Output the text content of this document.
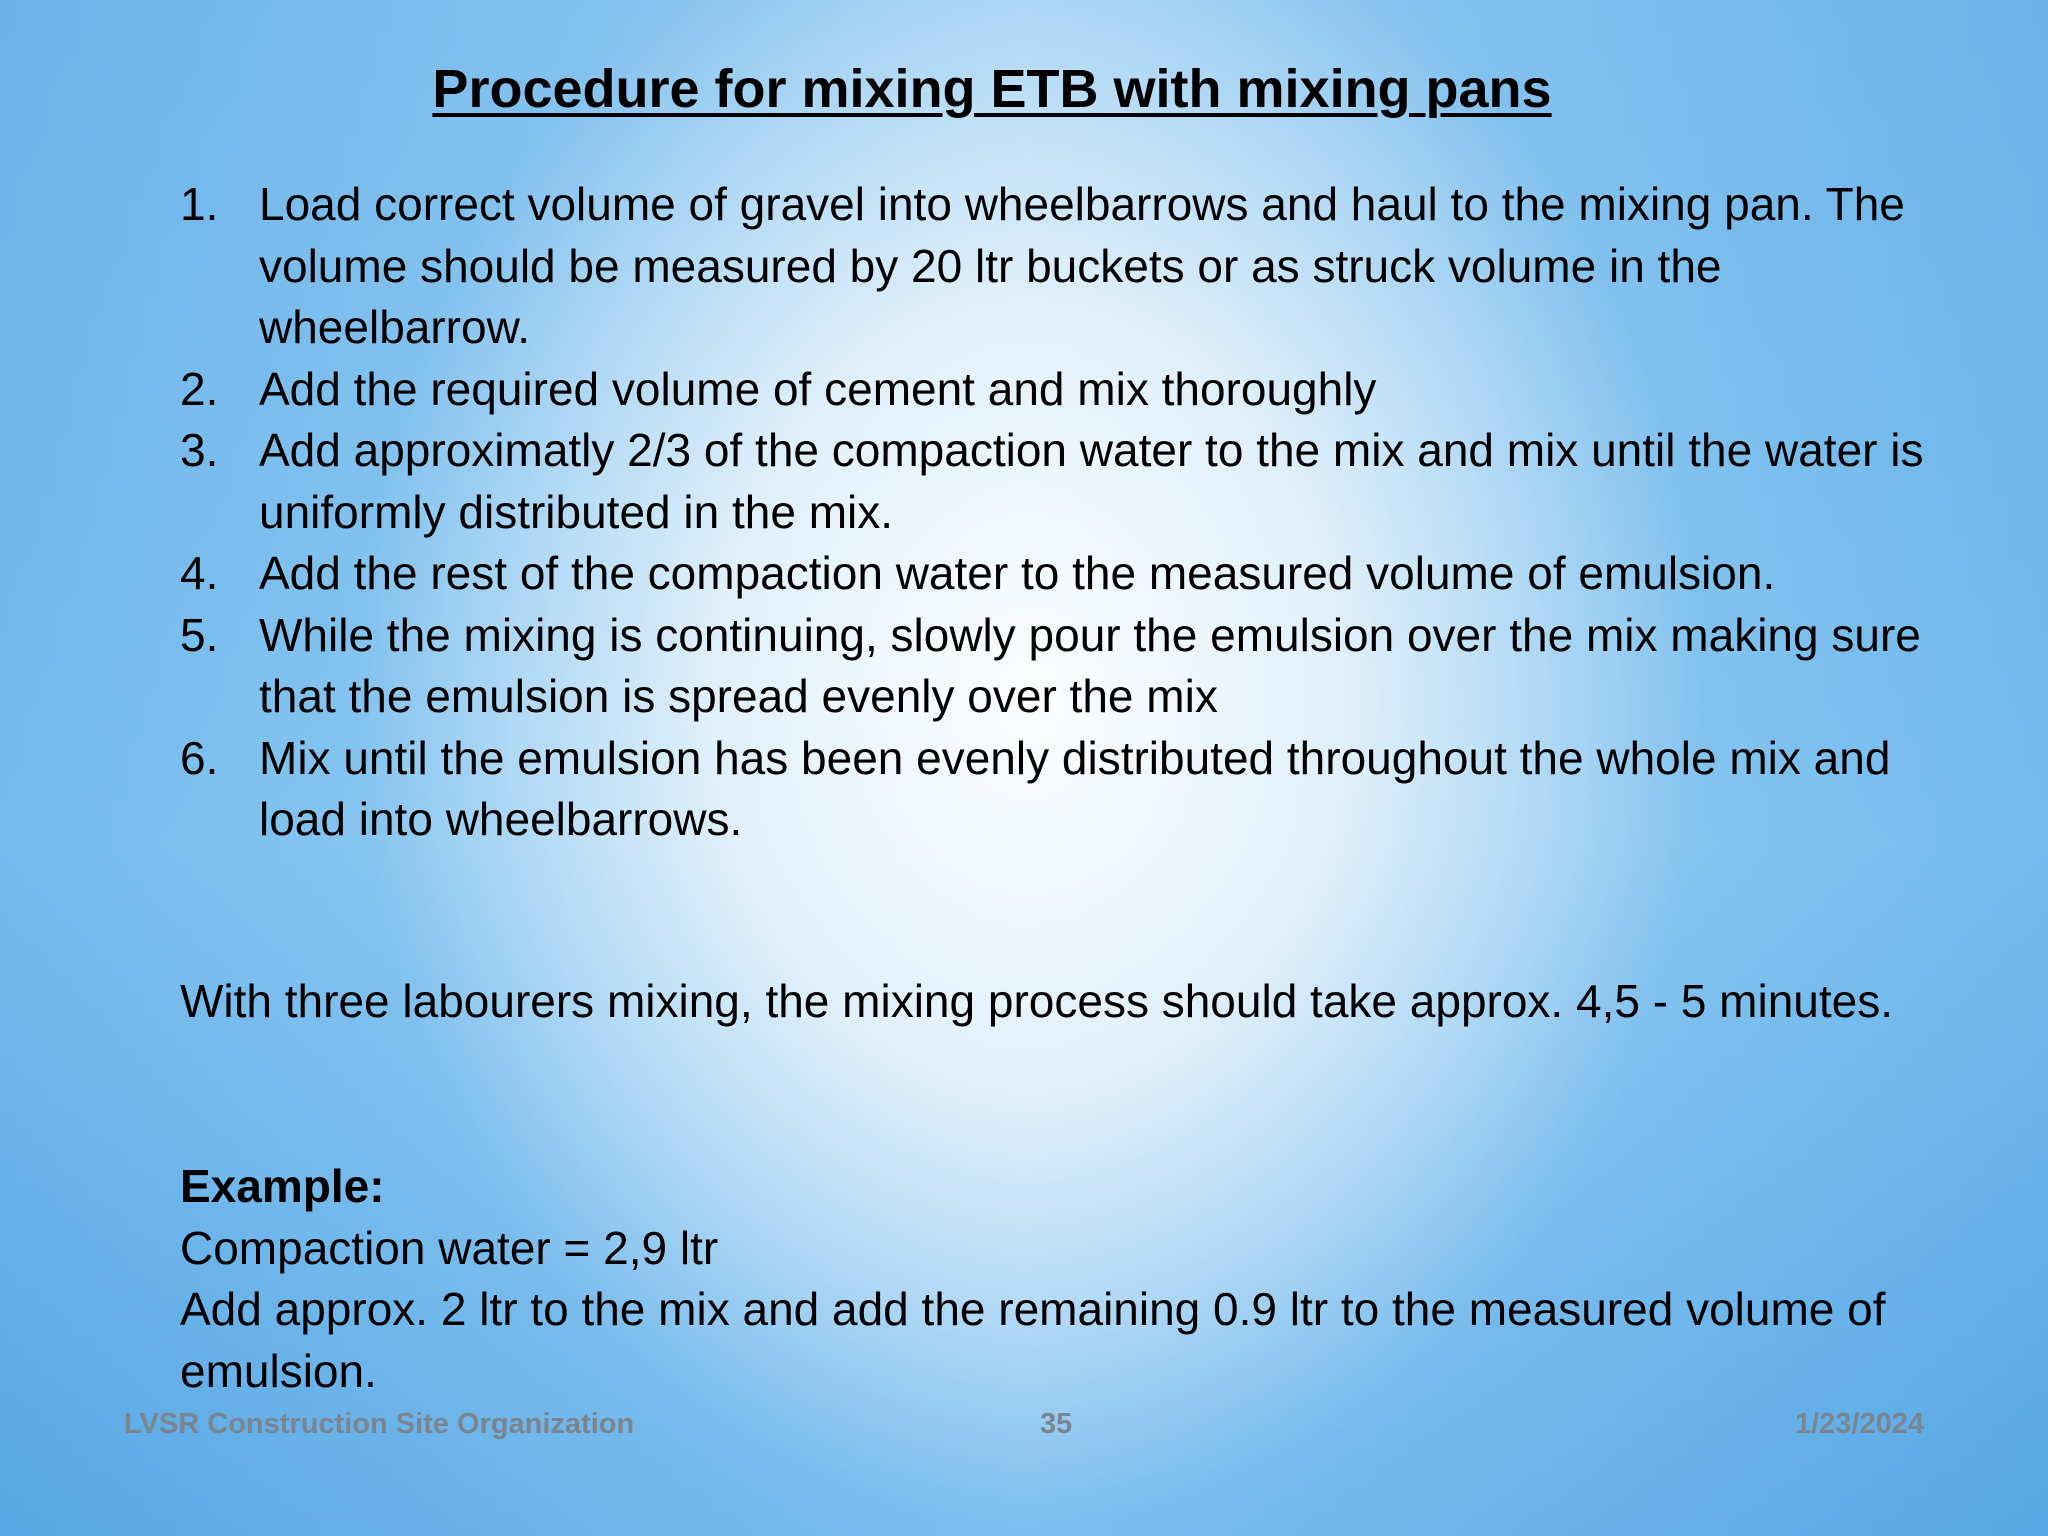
Procedure for mixing ETB with mixing pans
1. Load correct volume of gravel into wheelbarrows and haul to the mixing pan. The volume should be measured by 20 ltr buckets or as struck volume in the wheelbarrow.
2. Add the required volume of cement and mix thoroughly
3. Add approximatly 2/3 of the compaction water to the mix and mix until the water is uniformly distributed in the mix.
4. Add the rest of the compaction water to the measured volume of emulsion.
5. While the mixing is continuing, slowly pour the emulsion over the mix making sure that the emulsion is spread evenly over the mix
6. Mix until the emulsion has been evenly distributed throughout the whole mix and load into wheelbarrows.

With three labourers mixing, the mixing process should take approx. 4,5 - 5 minutes.

Example:
Compaction water = 2,9 ltr
Add approx. 2 ltr to the mix and add the remaining 0.9 ltr to the measured volume of emulsion.
LVSR Construction Site Organization	35	1/23/2024
